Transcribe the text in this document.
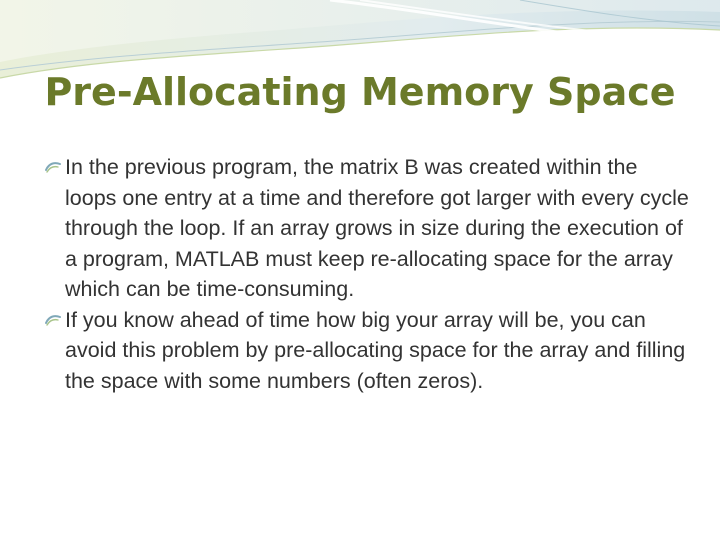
Pre-Allocating Memory Space

In the previous program, the matrix B was created within the loops one entry at a time and therefore got larger with every cycle through the loop. If an array grows in size during the execution of a program, MATLAB must keep re-allocating space for the array which can be time-consuming.

If you know ahead of time how big your array will be, you can avoid this problem by pre-allocating space for the array and filling the space with some numbers (often zeros).
